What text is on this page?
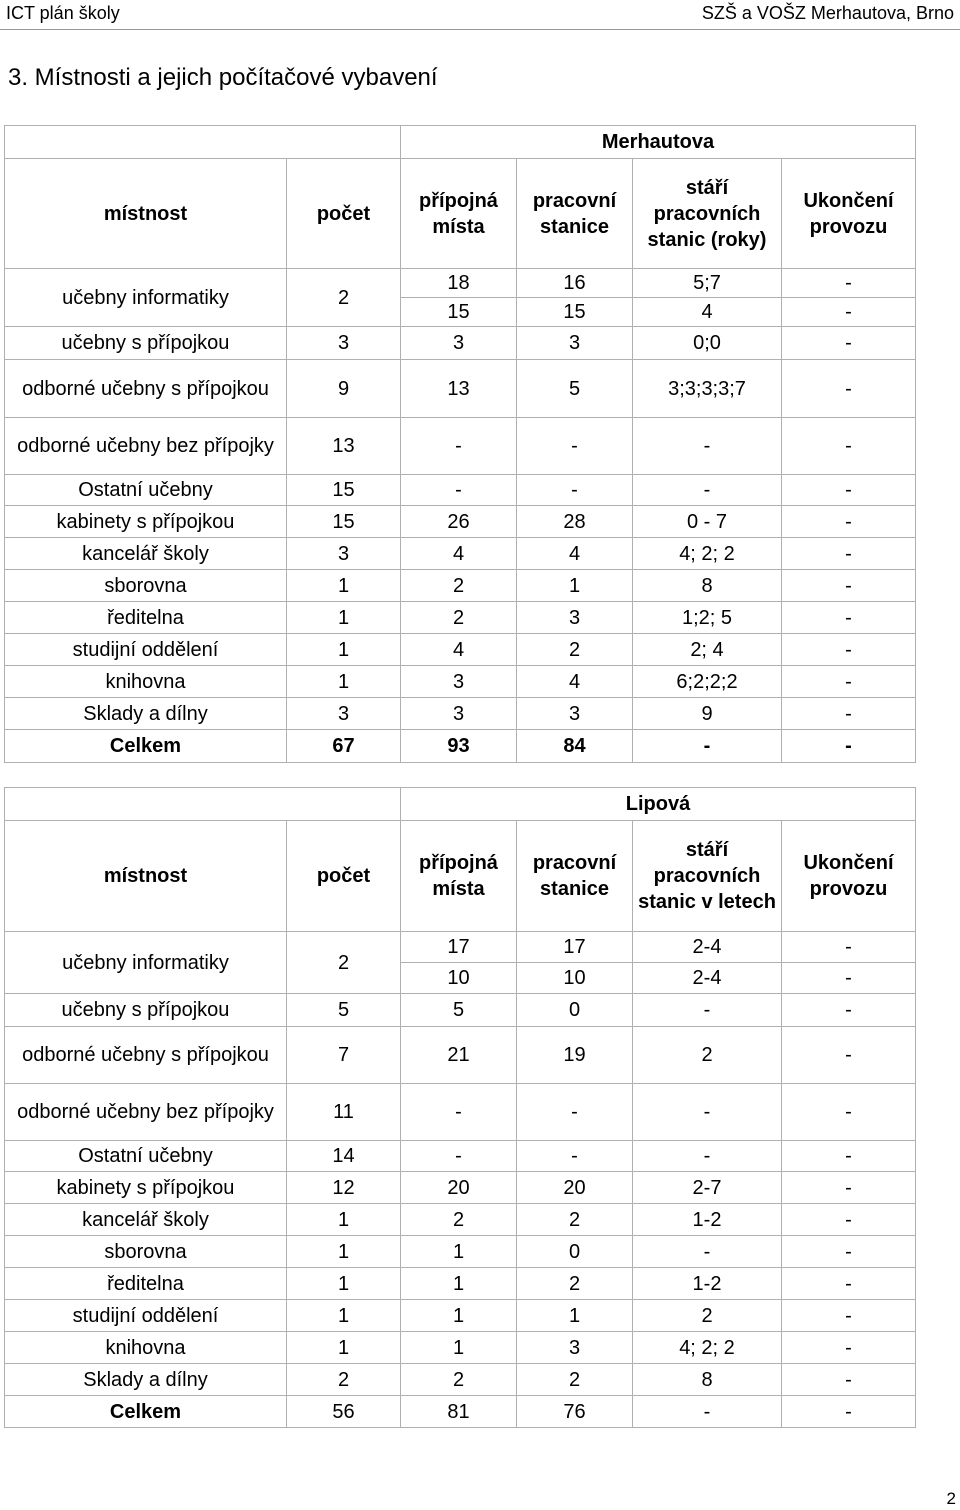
ICT plán školy	SZŠ a VOŠZ Merhautova, Brno
3. Místnosti a jejich počítačové vybavení
		Merhautova			
místnost	počet	přípojná místa	pracovní stanice	stáří pracovních stanic (roky)	Ukončení provozu
učebny informatiky	2	18	16	5;7	-
		15	15	4	-
učebny s přípojkou	3	3	3	0;0	-
odborné učebny s přípojkou	9	13	5	3;3;3;3;7	-
odborné učebny bez přípojky	13	-	-	-	-
Ostatní učebny	15	-	-	-	-
kabinety s přípojkou	15	26	28	0 - 7	-
kancelář školy	3	4	4	4; 2; 2	-
sborovna	1	2	1	8	-
ředitelna	1	2	3	1;2; 5	-
studijní oddělení	1	4	2	2; 4	-
knihovna	1	3	4	6;2;2;2	-
Sklady a dílny	3	3	3	9	-
Celkem	67	93	84	-	-
		Lipová			
místnost	počet	přípojná místa	pracovní stanice	stáří pracovních stanic v letech	Ukončení provozu
učebny informatiky	2	17	17	2-4	-
		10	10	2-4	-
učebny s přípojkou	5	5	0	-	-
odborné učebny s přípojkou	7	21	19	2	-
odborné učebny bez přípojky	11	-	-	-	-
Ostatní učebny	14	-	-	-	-
kabinety s přípojkou	12	20	20	2-7	-
kancelář školy	1	2	2	1-2	-
sborovna	1	1	0	-	-
ředitelna	1	1	2	1-2	-
studijní oddělení	1	1	1	2	-
knihovna	1	1	3	4; 2; 2	-
Sklady a dílny	2	2	2	8	-
Celkem	56	81	76	-	-
2
